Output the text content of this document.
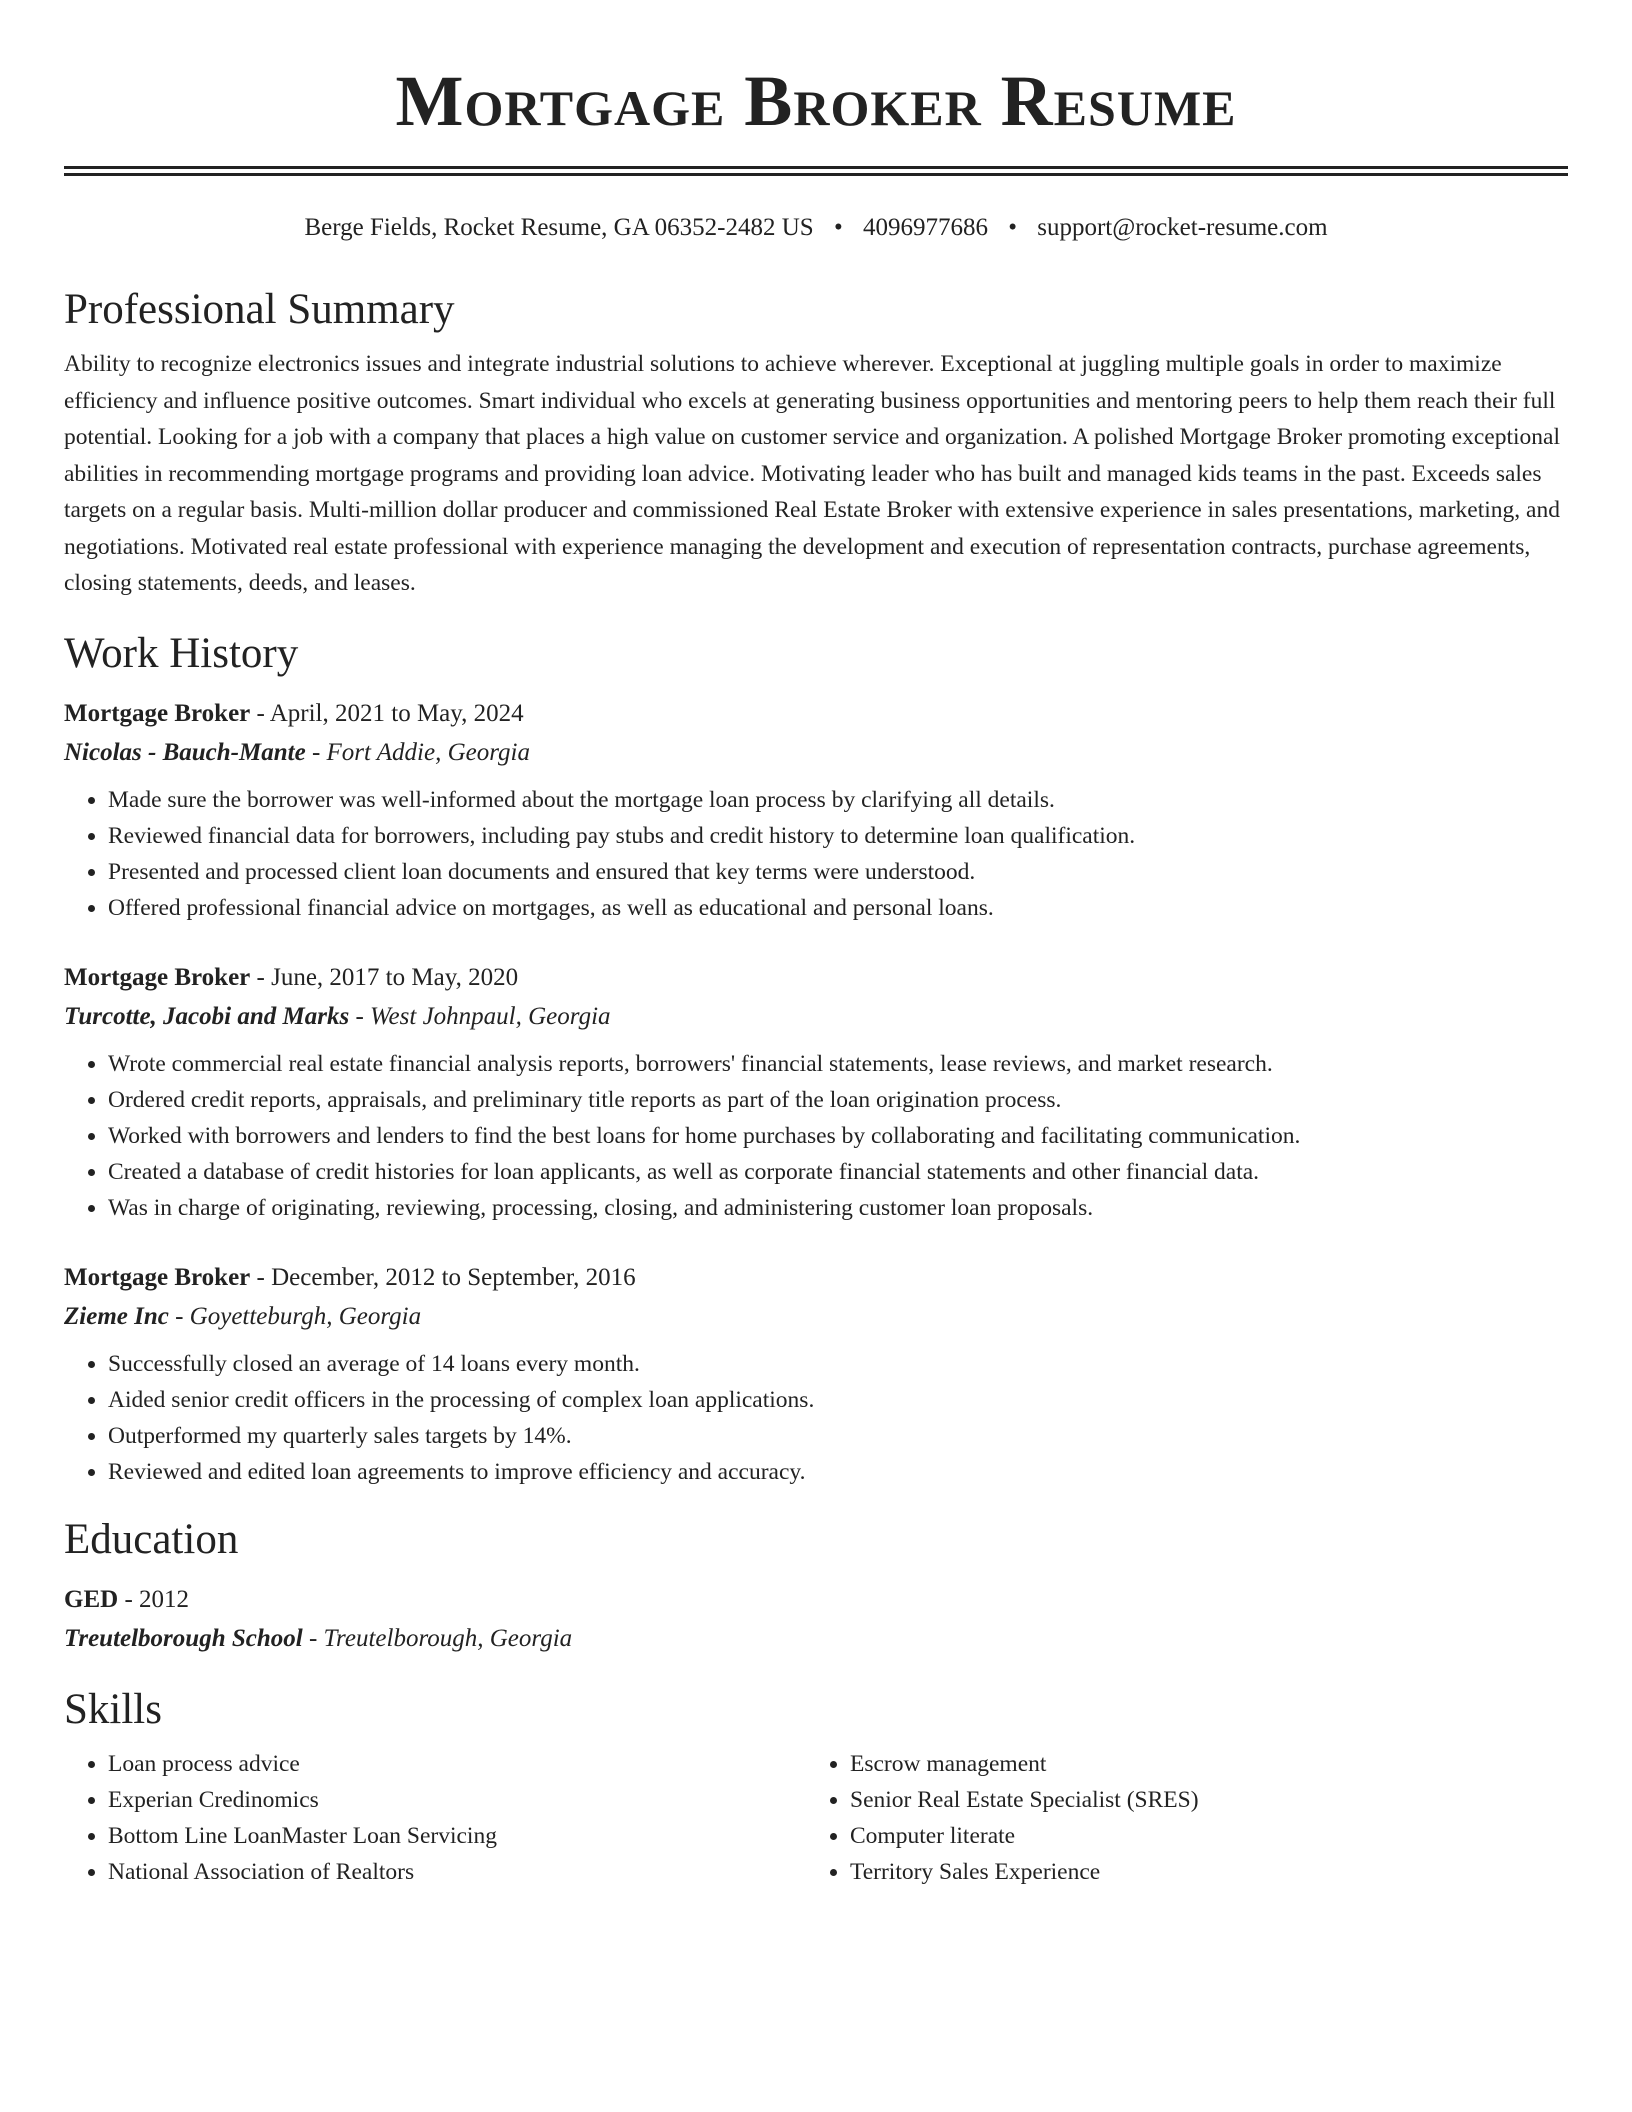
Mortgage Broker Resume
Berge Fields, Rocket Resume, GA 06352-2482 US • 4096977686 • support@rocket-resume.com
Professional Summary

Ability to recognize electronics issues and integrate industrial solutions to achieve wherever. Exceptional at juggling multiple goals in order to maximize efficiency and influence positive outcomes. Smart individual who excels at generating business opportunities and mentoring peers to help them reach their full potential. Looking for a job with a company that places a high value on customer service and organization. A polished Mortgage Broker promoting exceptional abilities in recommending mortgage programs and providing loan advice. Motivating leader who has built and managed kids teams in the past. Exceeds sales targets on a regular basis. Multi-million dollar producer and commissioned Real Estate Broker with extensive experience in sales presentations, marketing, and negotiations. Motivated real estate professional with experience managing the development and execution of representation contracts, purchase agreements, closing statements, deeds, and leases.

Work History
Mortgage Broker - April, 2021 to May, 2024
Nicolas - Bauch-Mante - Fort Addie, Georgia
• Made sure the borrower was well-informed about the mortgage loan process by clarifying all details.
• Reviewed financial data for borrowers, including pay stubs and credit history to determine loan qualification.
• Presented and processed client loan documents and ensured that key terms were understood.
• Offered professional financial advice on mortgages, as well as educational and personal loans.
Mortgage Broker - June, 2017 to May, 2020
Turcotte, Jacobi and Marks - West Johnpaul, Georgia
• Wrote commercial real estate financial analysis reports, borrowers' financial statements, lease reviews, and market research.
• Ordered credit reports, appraisals, and preliminary title reports as part of the loan origination process.
• Worked with borrowers and lenders to find the best loans for home purchases by collaborating and facilitating communication.
• Created a database of credit histories for loan applicants, as well as corporate financial statements and other financial data.
• Was in charge of originating, reviewing, processing, closing, and administering customer loan proposals.
Mortgage Broker - December, 2012 to September, 2016
Zieme Inc - Goyetteburgh, Georgia
• Successfully closed an average of 14 loans every month.
• Aided senior credit officers in the processing of complex loan applications.
• Outperformed my quarterly sales targets by 14%.
• Reviewed and edited loan agreements to improve efficiency and accuracy.
Education
GED - 2012
Treutelborough School - Treutelborough, Georgia
Skills
• Loan process advice
• Experian Credinomics
• Bottom Line LoanMaster Loan Servicing
• National Association of Realtors
• Escrow management
• Senior Real Estate Specialist (SRES)
• Computer literate
• Territory Sales Experience
